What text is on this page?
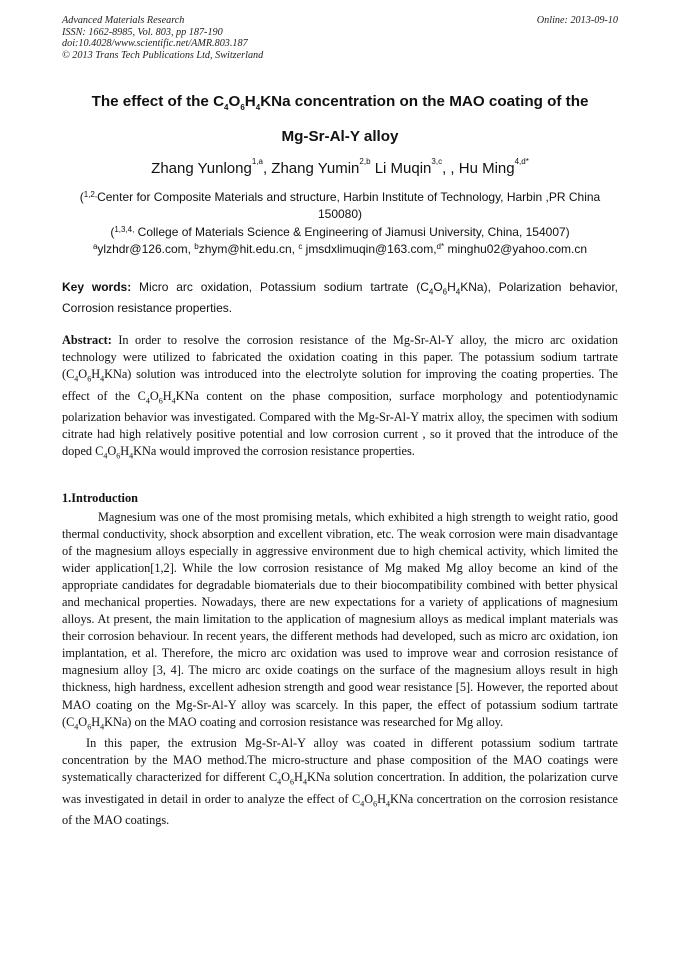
Advanced Materials Research
ISSN: 1662-8985, Vol. 803, pp 187-190
doi:10.4028/www.scientific.net/AMR.803.187
© 2013 Trans Tech Publications Ltd, Switzerland
Online: 2013-09-10
The effect of the $C_4O_6H_4KNa$ concentration on the MAO coating of the
Mg-Sr-Al-Y alloy
Zhang Yunlong$^{1,a}$, Zhang Yumin$^{2,b}$ Li Muqin$^{3,c}$, , Hu Ming$^{4,d*}$
($^{1,2,}$Center for Composite Materials and structure, Harbin Institute of Technology, Harbin ,PR China 150080)
($^{1,3,4,}$ College of Materials Science & Engineering of Jiamusi University, China, 154007)
$^a$ylzhdr@126.com, $^b$zhym@hit.edu.cn, $^c$ jmsdxlimuqin@163.com,$^{d*}$ minghu02@yahoo.com.cn
Key words: Micro arc oxidation, Potassium sodium tartrate $(C_4O_6H_4KNa)$, Polarization behavior, Corrosion resistance properties.
Abstract: In order to resolve the corrosion resistance of the Mg-Sr-Al-Y alloy, the micro arc oxidation technology were utilized to fabricated the oxidation coating in this paper. The potassium sodium tartrate $(C_4O_6H_4KNa)$ solution was introduced into the electrolyte solution for improving the coating properties. The effect of the $C_4O_6H_4KNa$ content on the phase composition, surface morphology and potentiodynamic polarization behavior was investigated. Compared with the Mg-Sr-Al-Y matrix alloy, the specimen with sodium citrate had high relatively positive potential and low corrosion current , so it proved that the introduce of the doped $C_4O_6H_4KNa$ would improved the corrosion resistance properties.
1.Introduction

Magnesium was one of the most promising metals, which exhibited a high strength to weight ratio, good thermal conductivity, shock absorption and excellent vibration, etc. The weak corrosion were main disadvantage of the magnesium alloys especially in aggressive environment due to high chemical activity, which limited the wider application[1,2]. While the low corrosion resistance of Mg maked Mg alloy become an kind of the appropriate candidates for degradable biomaterials due to their biocompatibility combined with better physical and mechanical properties. Nowadays, there are new expectations for a variety of applications of magnesium alloys. At present, the main limitation to the application of magnesium alloys as medical implant materials was their corrosion behaviour. In recent years, the different methods had developed, such as micro arc oxidation, ion implantation, et al. Therefore, the micro arc oxidation was used to improve wear and corrosion resistance of magnesium alloy [3, 4]. The micro arc oxide coatings on the surface of the magnesium alloys result in high thickness, high hardness, excellent adhesion strength and good wear resistance [5]. However, the reported about MAO coating on the Mg-Sr-Al-Y alloy was scarcely. In this paper, the effect of potassium sodium tartrate $(C_4O_6H_4KNa)$ on the MAO coating and corrosion resistance was researched for Mg alloy.

In this paper, the extrusion Mg-Sr-Al-Y alloy was coated in different potassium sodium tartrate concentration by the MAO method.The micro-structure and phase composition of the MAO coatings were systematically characterized for different $C_4O_6H_4KNa$ solution concertration. In addition, the polarization curve was investigated in detail in order to analyze the effect of $C_4O_6H_4KNa$ concertration on the corrosion resistance of the MAO coatings.
